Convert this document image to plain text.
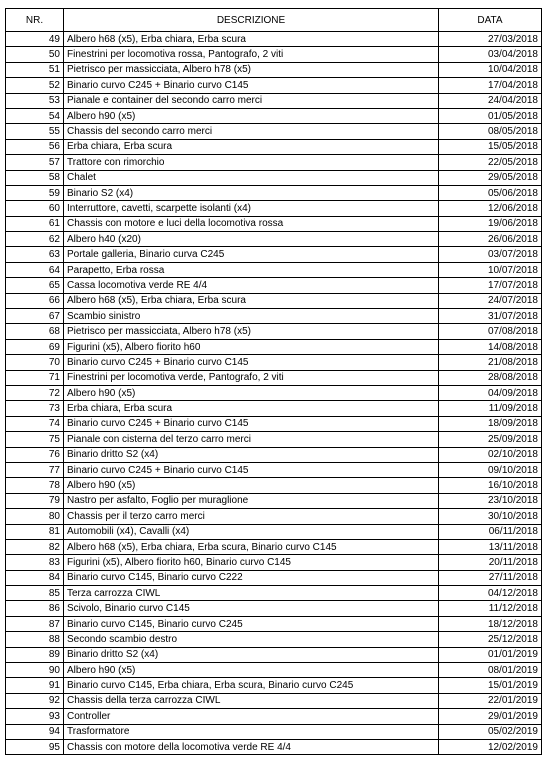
NR.	DESCRIZIONE	DATA
49	Albero h68 (x5), Erba chiara, Erba scura	27/03/2018
50	Finestrini per locomotiva rossa, Pantografo, 2 viti	03/04/2018
51	Pietrisco per massicciata, Albero h78 (x5)	10/04/2018
52	Binario curvo C245 + Binario curvo C145	17/04/2018
53	Pianale e container del secondo carro merci	24/04/2018
54	Albero h90 (x5)	01/05/2018
55	Chassis del secondo carro merci	08/05/2018
56	Erba chiara, Erba scura	15/05/2018
57	Trattore con rimorchio	22/05/2018
58	Chalet	29/05/2018
59	Binario S2 (x4)	05/06/2018
60	Interruttore, cavetti, scarpette isolanti (x4)	12/06/2018
61	Chassis con motore e luci della locomotiva rossa	19/06/2018
62	Albero h40 (x20)	26/06/2018
63	Portale galleria, Binario curva C245	03/07/2018
64	Parapetto, Erba rossa	10/07/2018
65	Cassa locomotiva verde RE 4/4	17/07/2018
66	Albero h68 (x5), Erba chiara, Erba scura	24/07/2018
67	Scambio sinistro	31/07/2018
68	Pietrisco per massicciata, Albero h78 (x5)	07/08/2018
69	Figurini (x5), Albero fiorito h60	14/08/2018
70	Binario curvo C245 + Binario curvo C145	21/08/2018
71	Finestrini per locomotiva verde, Pantografo, 2 viti	28/08/2018
72	Albero h90 (x5)	04/09/2018
73	Erba chiara, Erba scura	11/09/2018
74	Binario curvo C245 + Binario curvo C145	18/09/2018
75	Pianale con cisterna del terzo carro merci	25/09/2018
76	Binario dritto S2 (x4)	02/10/2018
77	Binario curvo C245 + Binario curvo C145	09/10/2018
78	Albero h90 (x5)	16/10/2018
79	Nastro per asfalto, Foglio per muraglione	23/10/2018
80	Chassis per il terzo carro merci	30/10/2018
81	Automobili (x4), Cavalli (x4)	06/11/2018
82	Albero h68 (x5), Erba chiara, Erba scura, Binario curvo C145	13/11/2018
83	Figurini (x5), Albero fiorito h60, Binario curvo C145	20/11/2018
84	Binario curvo C145, Binario curvo C222	27/11/2018
85	Terza carrozza CIWL	04/12/2018
86	Scivolo, Binario curvo C145	11/12/2018
87	Binario curvo C145, Binario curvo C245	18/12/2018
88	Secondo scambio destro	25/12/2018
89	Binario dritto S2 (x4)	01/01/2019
90	Albero h90 (x5)	08/01/2019
91	Binario curvo C145, Erba chiara, Erba scura, Binario curvo C245	15/01/2019
92	Chassis della terza carrozza CIWL	22/01/2019
93	Controller	29/01/2019
94	Trasformatore	05/02/2019
95	Chassis con motore della locomotiva verde RE 4/4	12/02/2019
